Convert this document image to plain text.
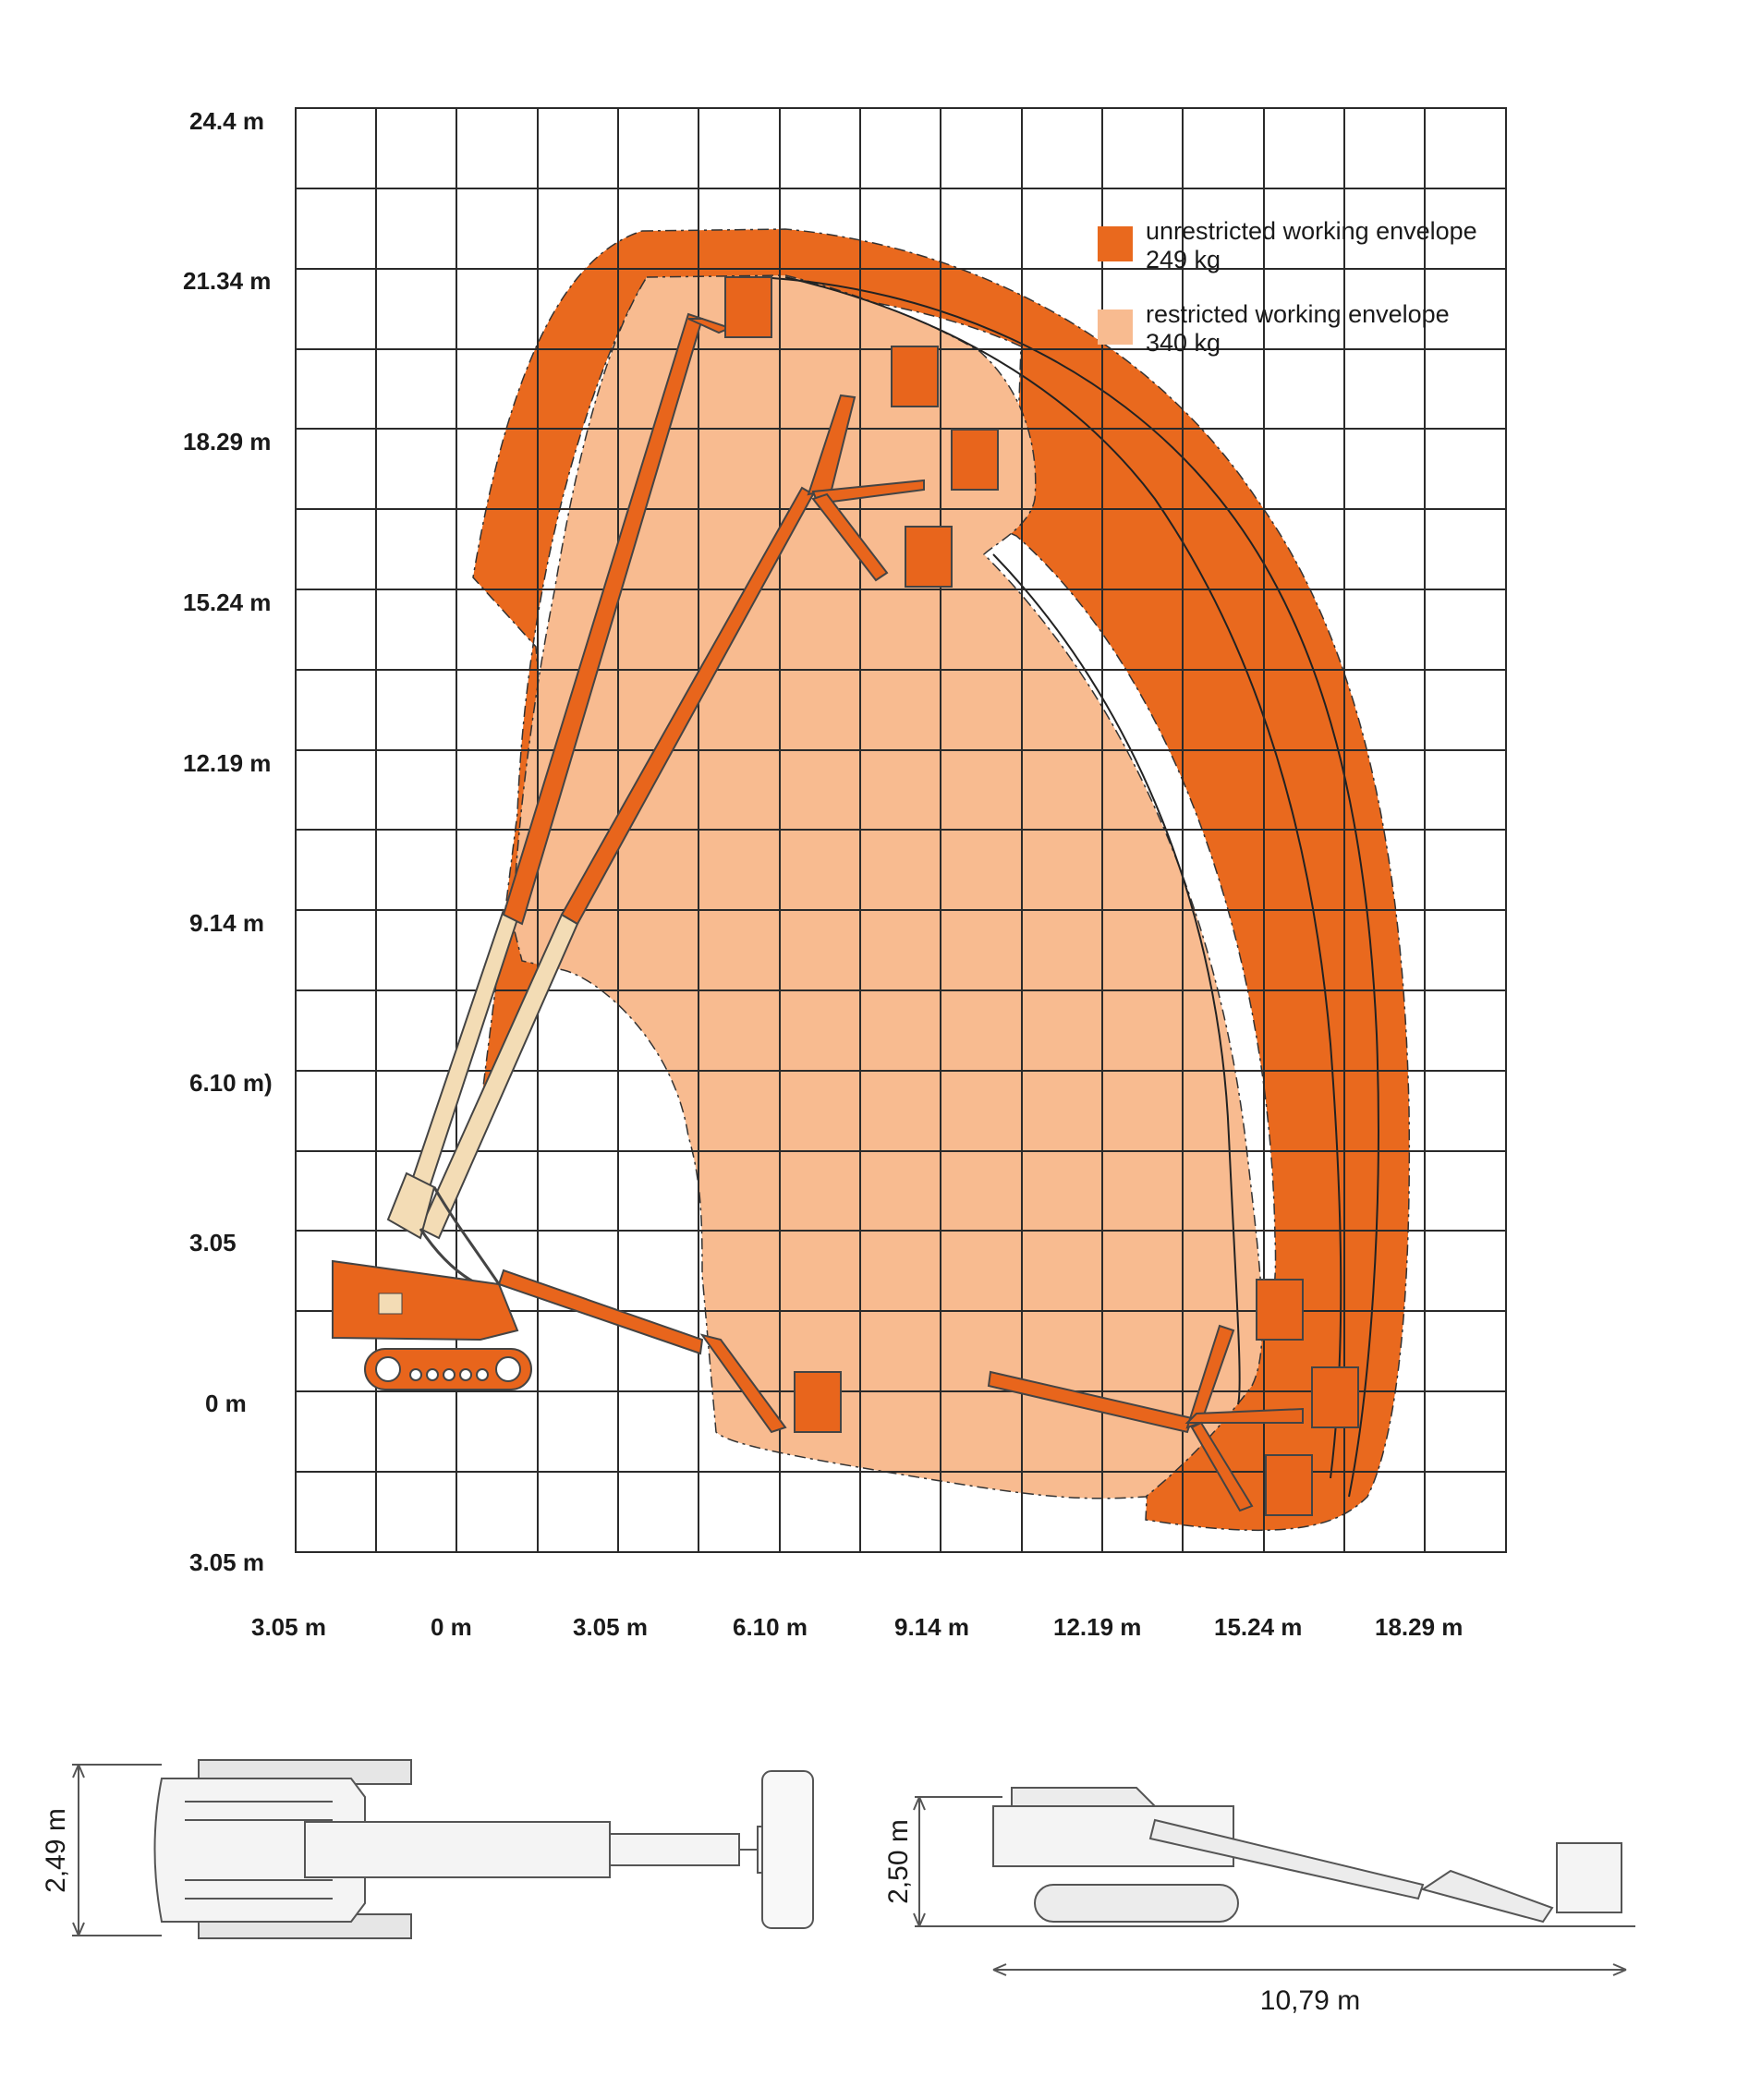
unrestricted working envelope
249 kg
restricted working envelope
340 kg
24.4 m
21.34 m
18.29 m
15.24 m
12.19 m
9.14 m
6.10 m)
3.05
0 m
3.05 m
3.05 m	0 m	3.05 m	6.10 m	9.14 m	12.19 m	15.24 m	18.29 m
2,49 m	2,50 m
10,79 m
